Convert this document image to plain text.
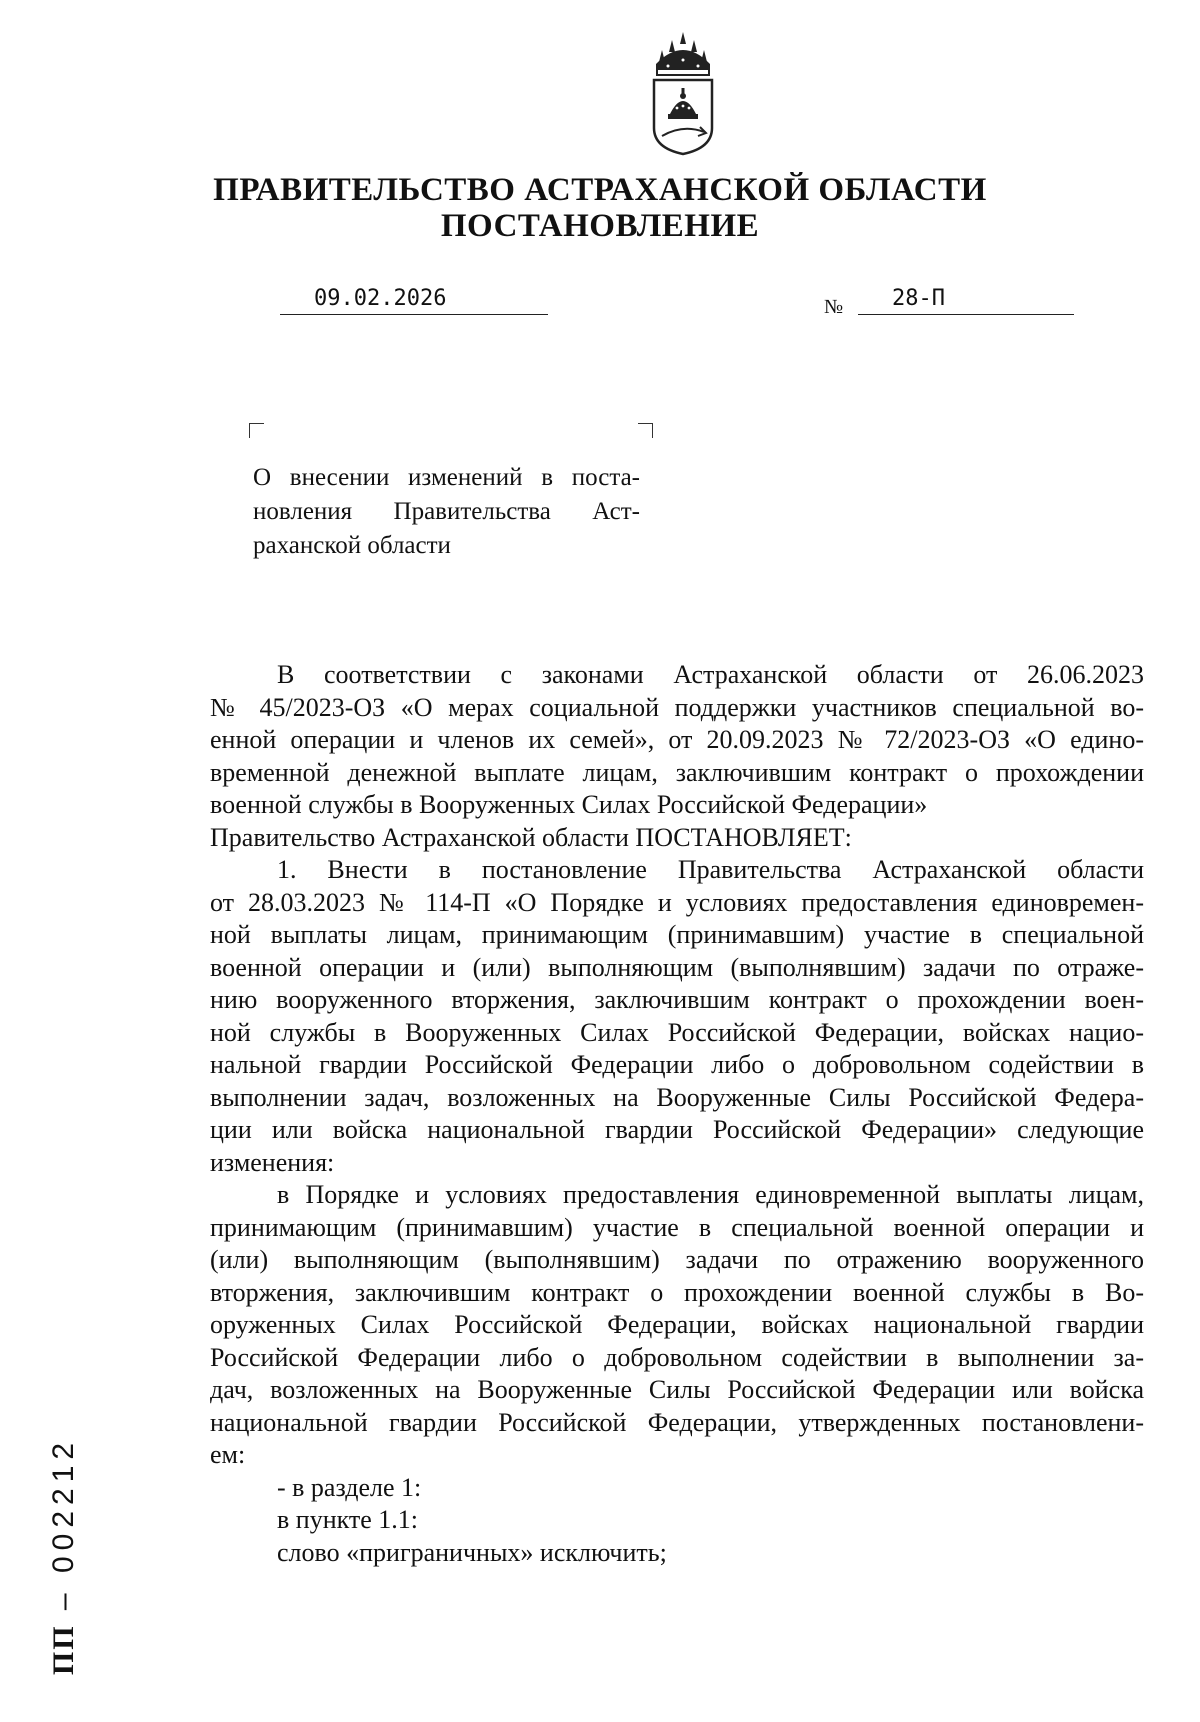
ПРАВИТЕЛЬСТВО АСТРАХАНСКОЙ ОБЛАСТИ
ПОСТАНОВЛЕНИЕ
09.02.2026	№	28-П
О внесении изменений в поста-
новления Правительства Аст-
раханской области
В соответствии с законами Астраханской области от 26.06.2023
№ 45/2023-ОЗ «О мерах социальной поддержки участников специальной во-
енной операции и членов их семей», от 20.09.2023 № 72/2023-ОЗ «О едино-
временной денежной выплате лицам, заключившим контракт о прохождении
военной службы в Вооруженных Силах Российской Федерации»
Правительство Астраханской области ПОСТАНОВЛЯЕТ:
1. Внести в постановление Правительства Астраханской области
от 28.03.2023 № 114-П «О Порядке и условиях предоставления единовремен-
ной выплаты лицам, принимающим (принимавшим) участие в специальной
военной операции и (или) выполняющим (выполнявшим) задачи по отраже-
нию вооруженного вторжения, заключившим контракт о прохождении воен-
ной службы в Вооруженных Силах Российской Федерации, войсках нацио-
нальной гвардии Российской Федерации либо о добровольном содействии в
выполнении задач, возложенных на Вооруженные Силы Российской Федера-
ции или войска национальной гвардии Российской Федерации» следующие
изменения:
в Порядке и условиях предоставления единовременной выплаты лицам,
принимающим (принимавшим) участие в специальной военной операции и
(или) выполняющим (выполнявшим) задачи по отражению вооруженного
вторжения, заключившим контракт о прохождении военной службы в Во-
оруженных Силах Российской Федерации, войсках национальной гвардии
Российской Федерации либо о добровольном содействии в выполнении за-
дач, возложенных на Вооруженные Силы Российской Федерации или войска
национальной гвардии Российской Федерации, утвержденных постановлени-
ем:
- в разделе 1:
в пункте 1.1:
слово «приграничных» исключить;
ПП – 002212
